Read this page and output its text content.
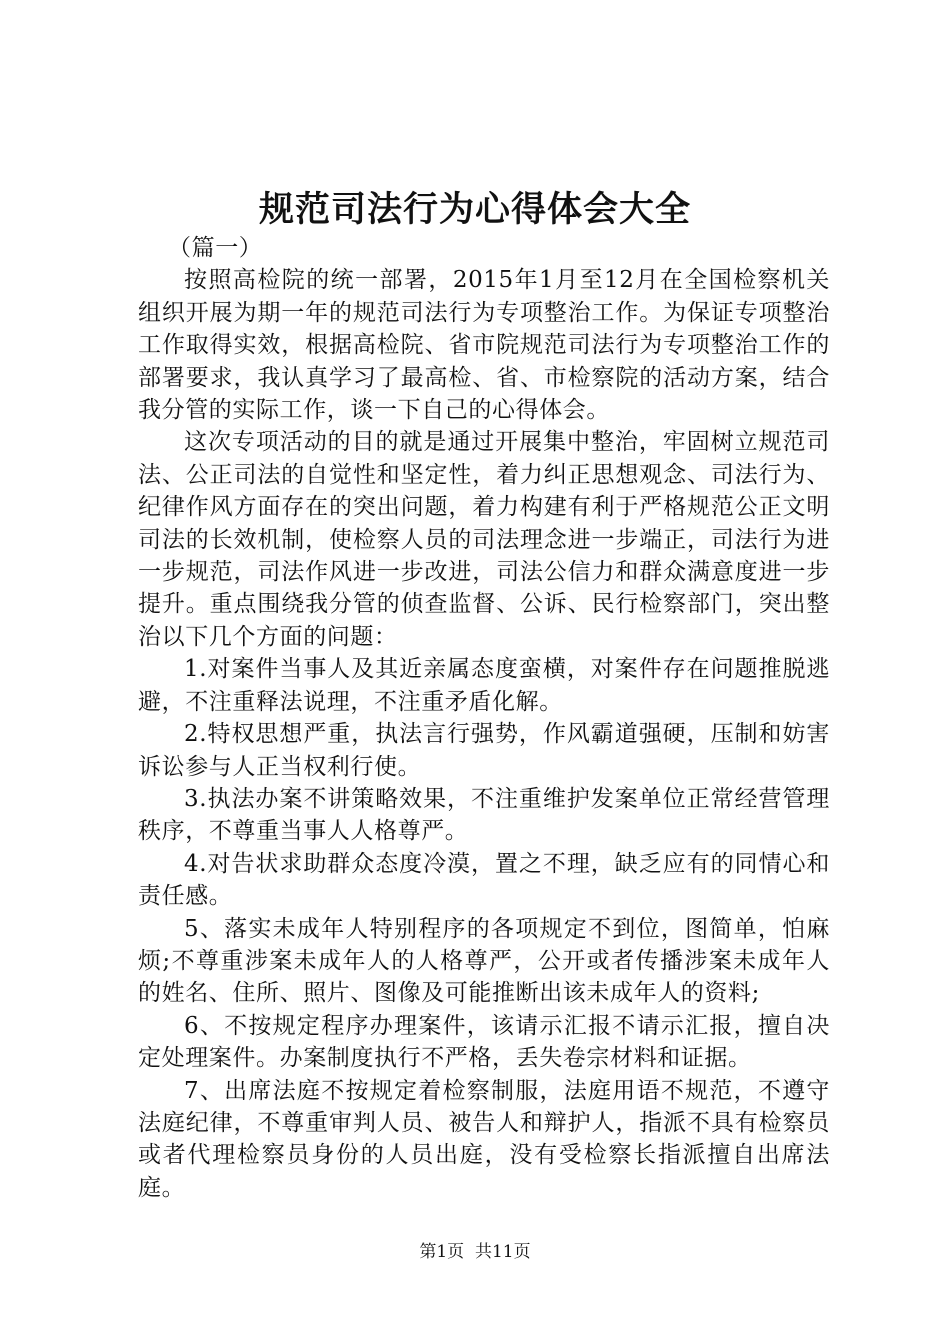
规范司法行为心得体会大全

（篇一）

按照高检院的统一部署，2015年1月至12月在全国检察机关组织开展为期一年的规范司法行为专项整治工作。为保证专项整治工作取得实效，根据高检院、省市院规范司法行为专项整治工作的部署要求，我认真学习了最高检、省、市检察院的活动方案，结合我分管的实际工作，谈一下自己的心得体会。

这次专项活动的目的就是通过开展集中整治，牢固树立规范司法、公正司法的自觉性和坚定性，着力纠正思想观念、司法行为、纪律作风方面存在的突出问题，着力构建有利于严格规范公正文明司法的长效机制，使检察人员的司法理念进一步端正，司法行为进一步规范，司法作风进一步改进，司法公信力和群众满意度进一步提升。重点围绕我分管的侦查监督、公诉、民行检察部门，突出整治以下几个方面的问题：

1.对案件当事人及其近亲属态度蛮横，对案件存在问题推脱逃避，不注重释法说理，不注重矛盾化解。

2.特权思想严重，执法言行强势，作风霸道强硬，压制和妨害诉讼参与人正当权利行使。

3.执法办案不讲策略效果，不注重维护发案单位正常经营管理秩序，不尊重当事人人格尊严。

4.对告状求助群众态度冷漠，置之不理，缺乏应有的同情心和责任感。

5、落实未成年人特别程序的各项规定不到位，图简单，怕麻烦;不尊重涉案未成年人的人格尊严，公开或者传播涉案未成年人的姓名、住所、照片、图像及可能推断出该未成年人的资料;

6、不按规定程序办理案件，该请示汇报不请示汇报，擅自决定处理案件。办案制度执行不严格，丢失卷宗材料和证据。

7、出席法庭不按规定着检察制服，法庭用语不规范，不遵守法庭纪律，不尊重审判人员、被告人和辩护人，指派不具有检察员或者代理检察员身份的人员出庭，没有受检察长指派擅自出席法庭。

第1页  共11页
